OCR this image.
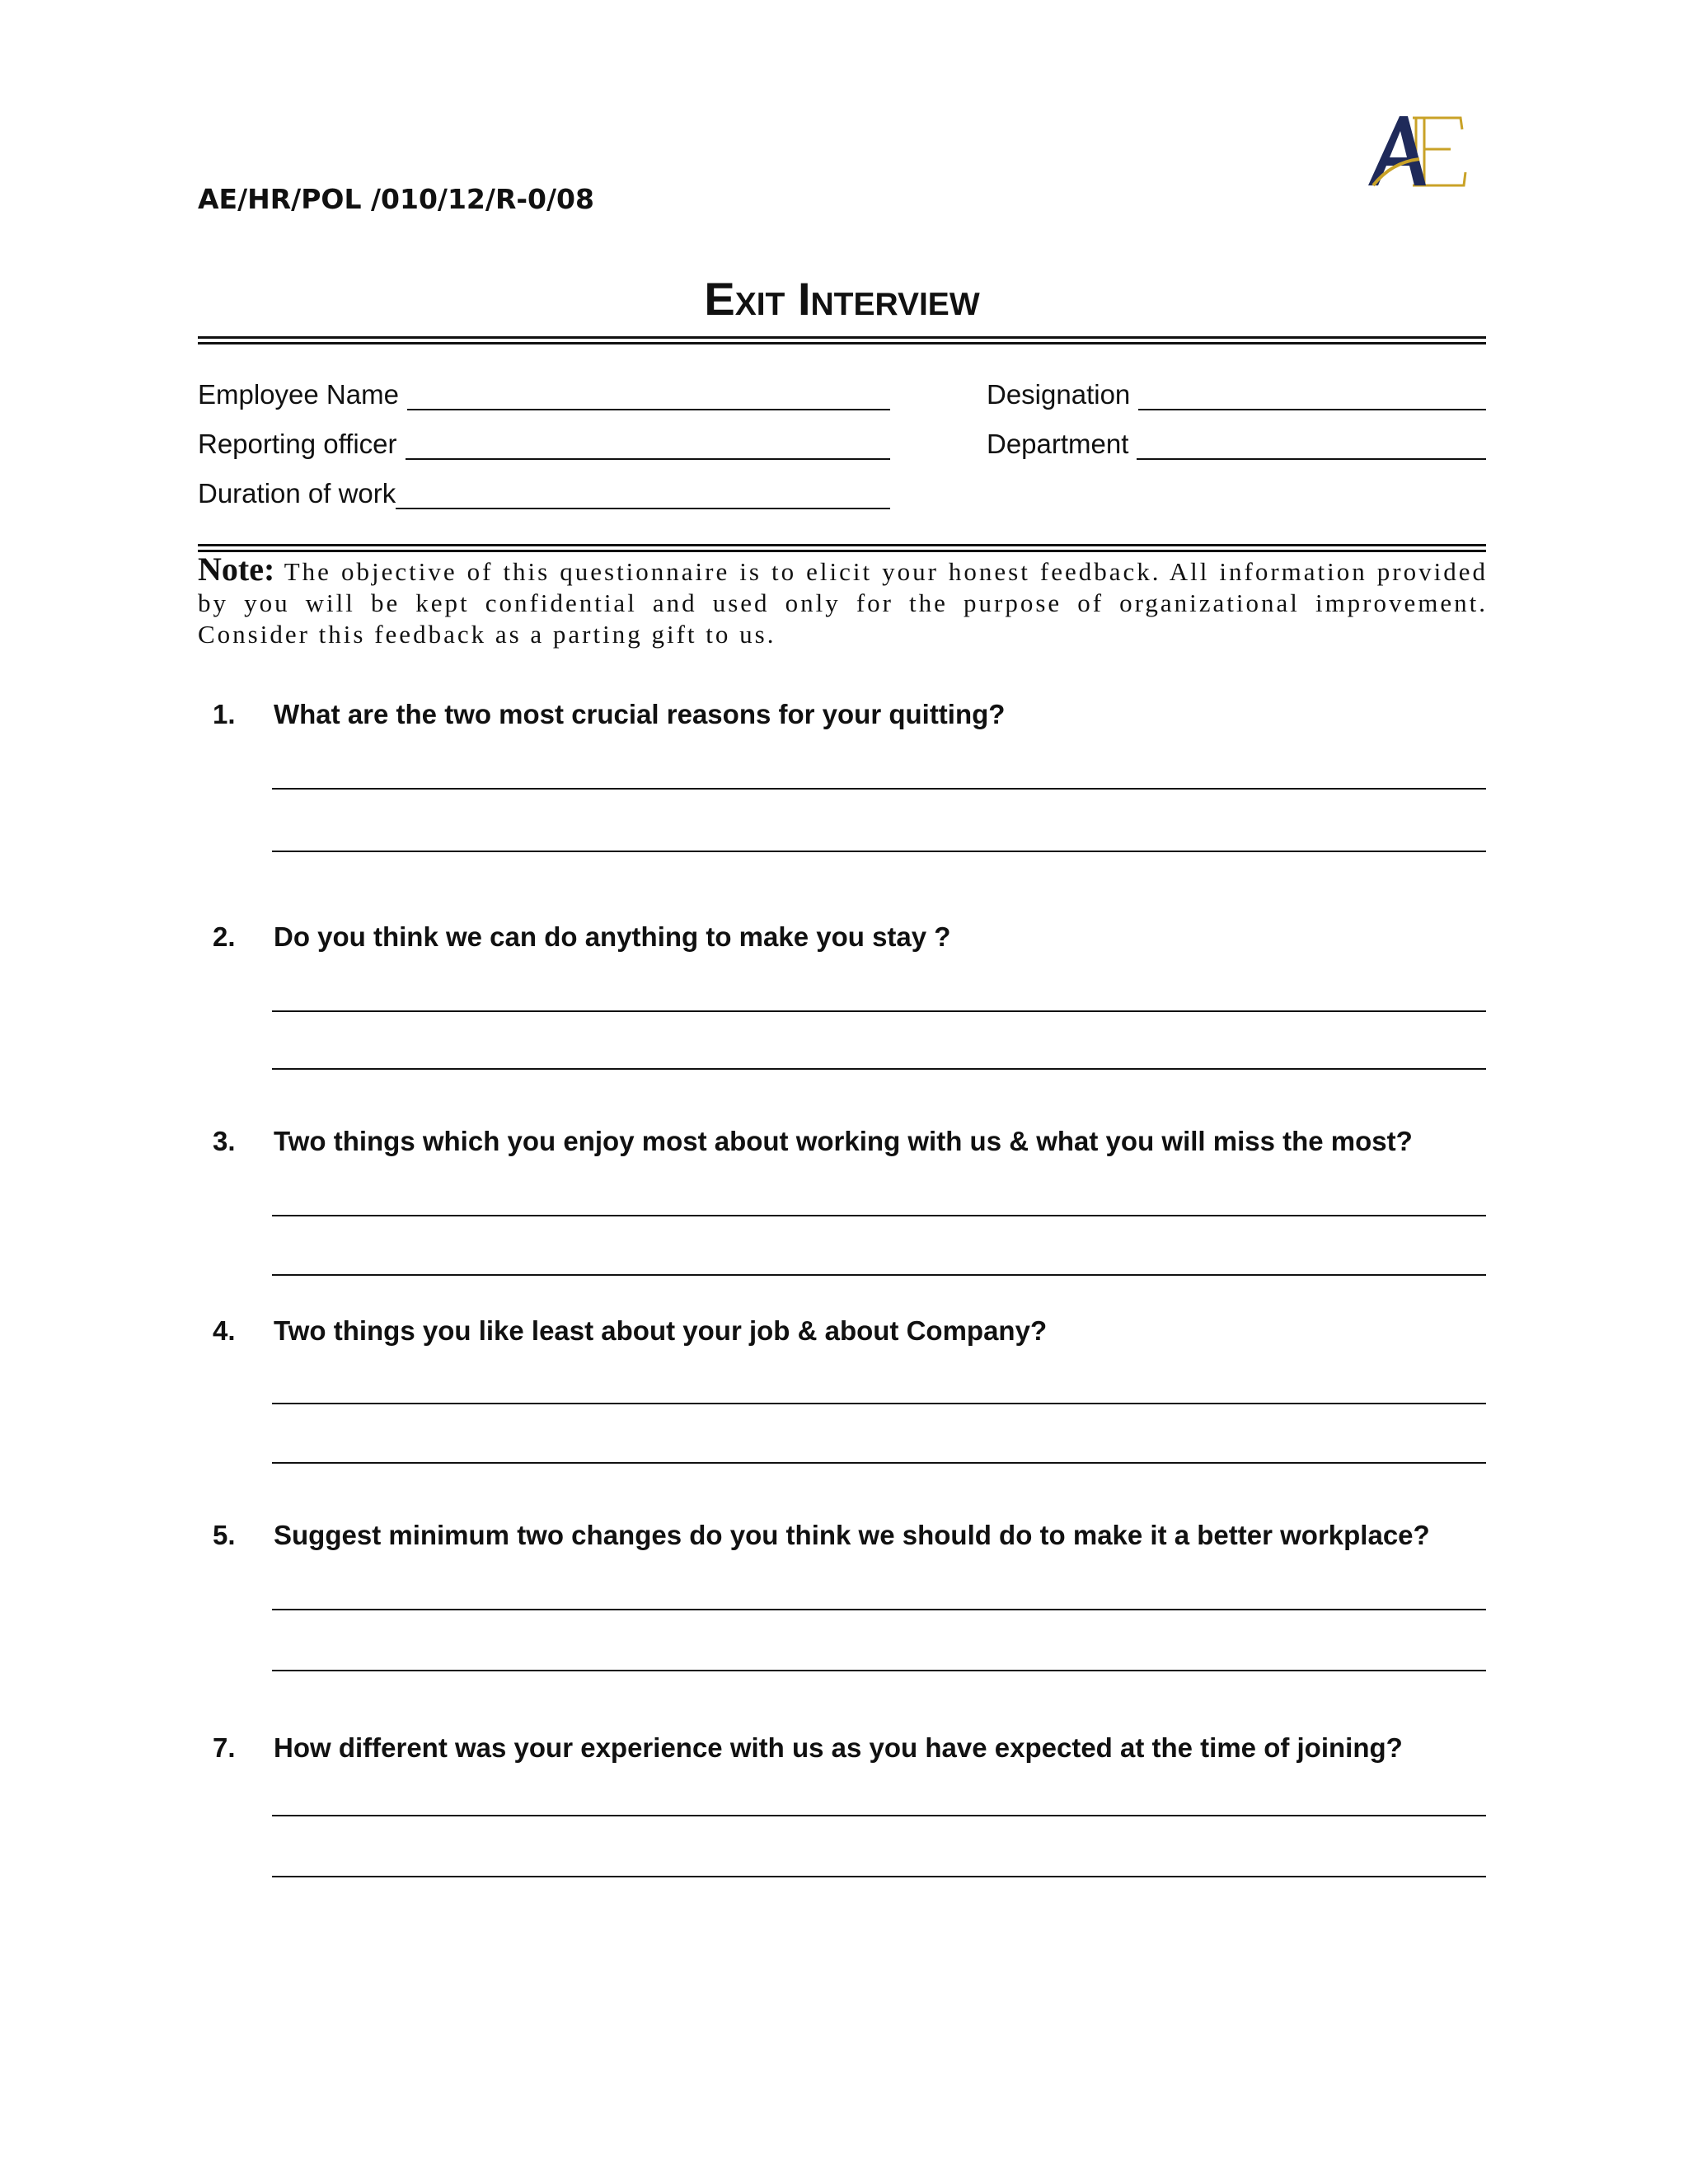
AE/HR/POL /010/12/R-0/08
Exit Interview
Employee Name	Designation
Reporting officer	Department
Duration of work
Note: The objective of this questionnaire is to elicit your honest feedback. All information provided by you will be kept confidential and used only for the purpose of organizational improvement. Consider this feedback as a parting gift to us.
1.	What are the two most crucial reasons for your quitting?
2.	Do you think we can do anything to make you stay ?
3.	Two things which you enjoy most about working with us & what you will miss the most?
4.	Two things you like least about your job & about Company?
5.	Suggest minimum two changes do you think we should do to make it a better workplace?
7.	How different was your experience with us as you have expected at the time of joining?
